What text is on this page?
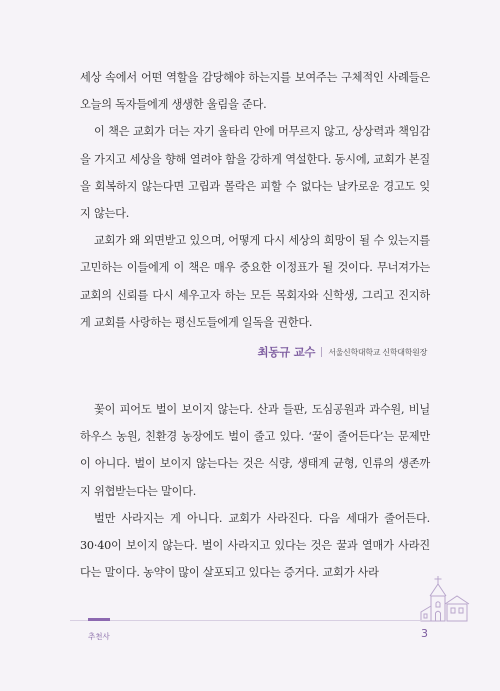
세상 속에서 어떤 역할을 감당해야 하는지를 보여주는 구체적인 사례들은 오늘의 독자들에게 생생한 울림을 준다.

이 책은 교회가 더는 자기 울타리 안에 머무르지 않고, 상상력과 책임감을 가지고 세상을 향해 열려야 함을 강하게 역설한다. 동시에, 교회가 본질을 회복하지 않는다면 고립과 몰락은 피할 수 없다는 날카로운 경고도 잊지 않는다.

교회가 왜 외면받고 있으며, 어떻게 다시 세상의 희망이 될 수 있는지를 고민하는 이들에게 이 책은 매우 중요한 이정표가 될 것이다. 무너져가는 교회의 신뢰를 다시 세우고자 하는 모든 목회자와 신학생, 그리고 진지하게 교회를 사랑하는 평신도들에게 일독을 권한다.

최동규 교수 서울신학대학교 신학대학원장

꽃이 피어도 벌이 보이지 않는다. 산과 들판, 도심공원과 과수원, 비닐하우스 농원, 친환경 농장에도 벌이 줄고 있다. ‘꿀이 줄어든다’는 문제만이 아니다. 벌이 보이지 않는다는 것은 식량, 생태계 균형, 인류의 생존까지 위협받는다는 말이다.

벌만 사라지는 게 아니다. 교회가 사라진다. 다음 세대가 줄어든다. 30·40이 보이지 않는다. 벌이 사라지고 있다는 것은 꿀과 열매가 사라진다는 말이다. 농약이 많이 살포되고 있다는 증거다. 교회가 사라

추천사	3
